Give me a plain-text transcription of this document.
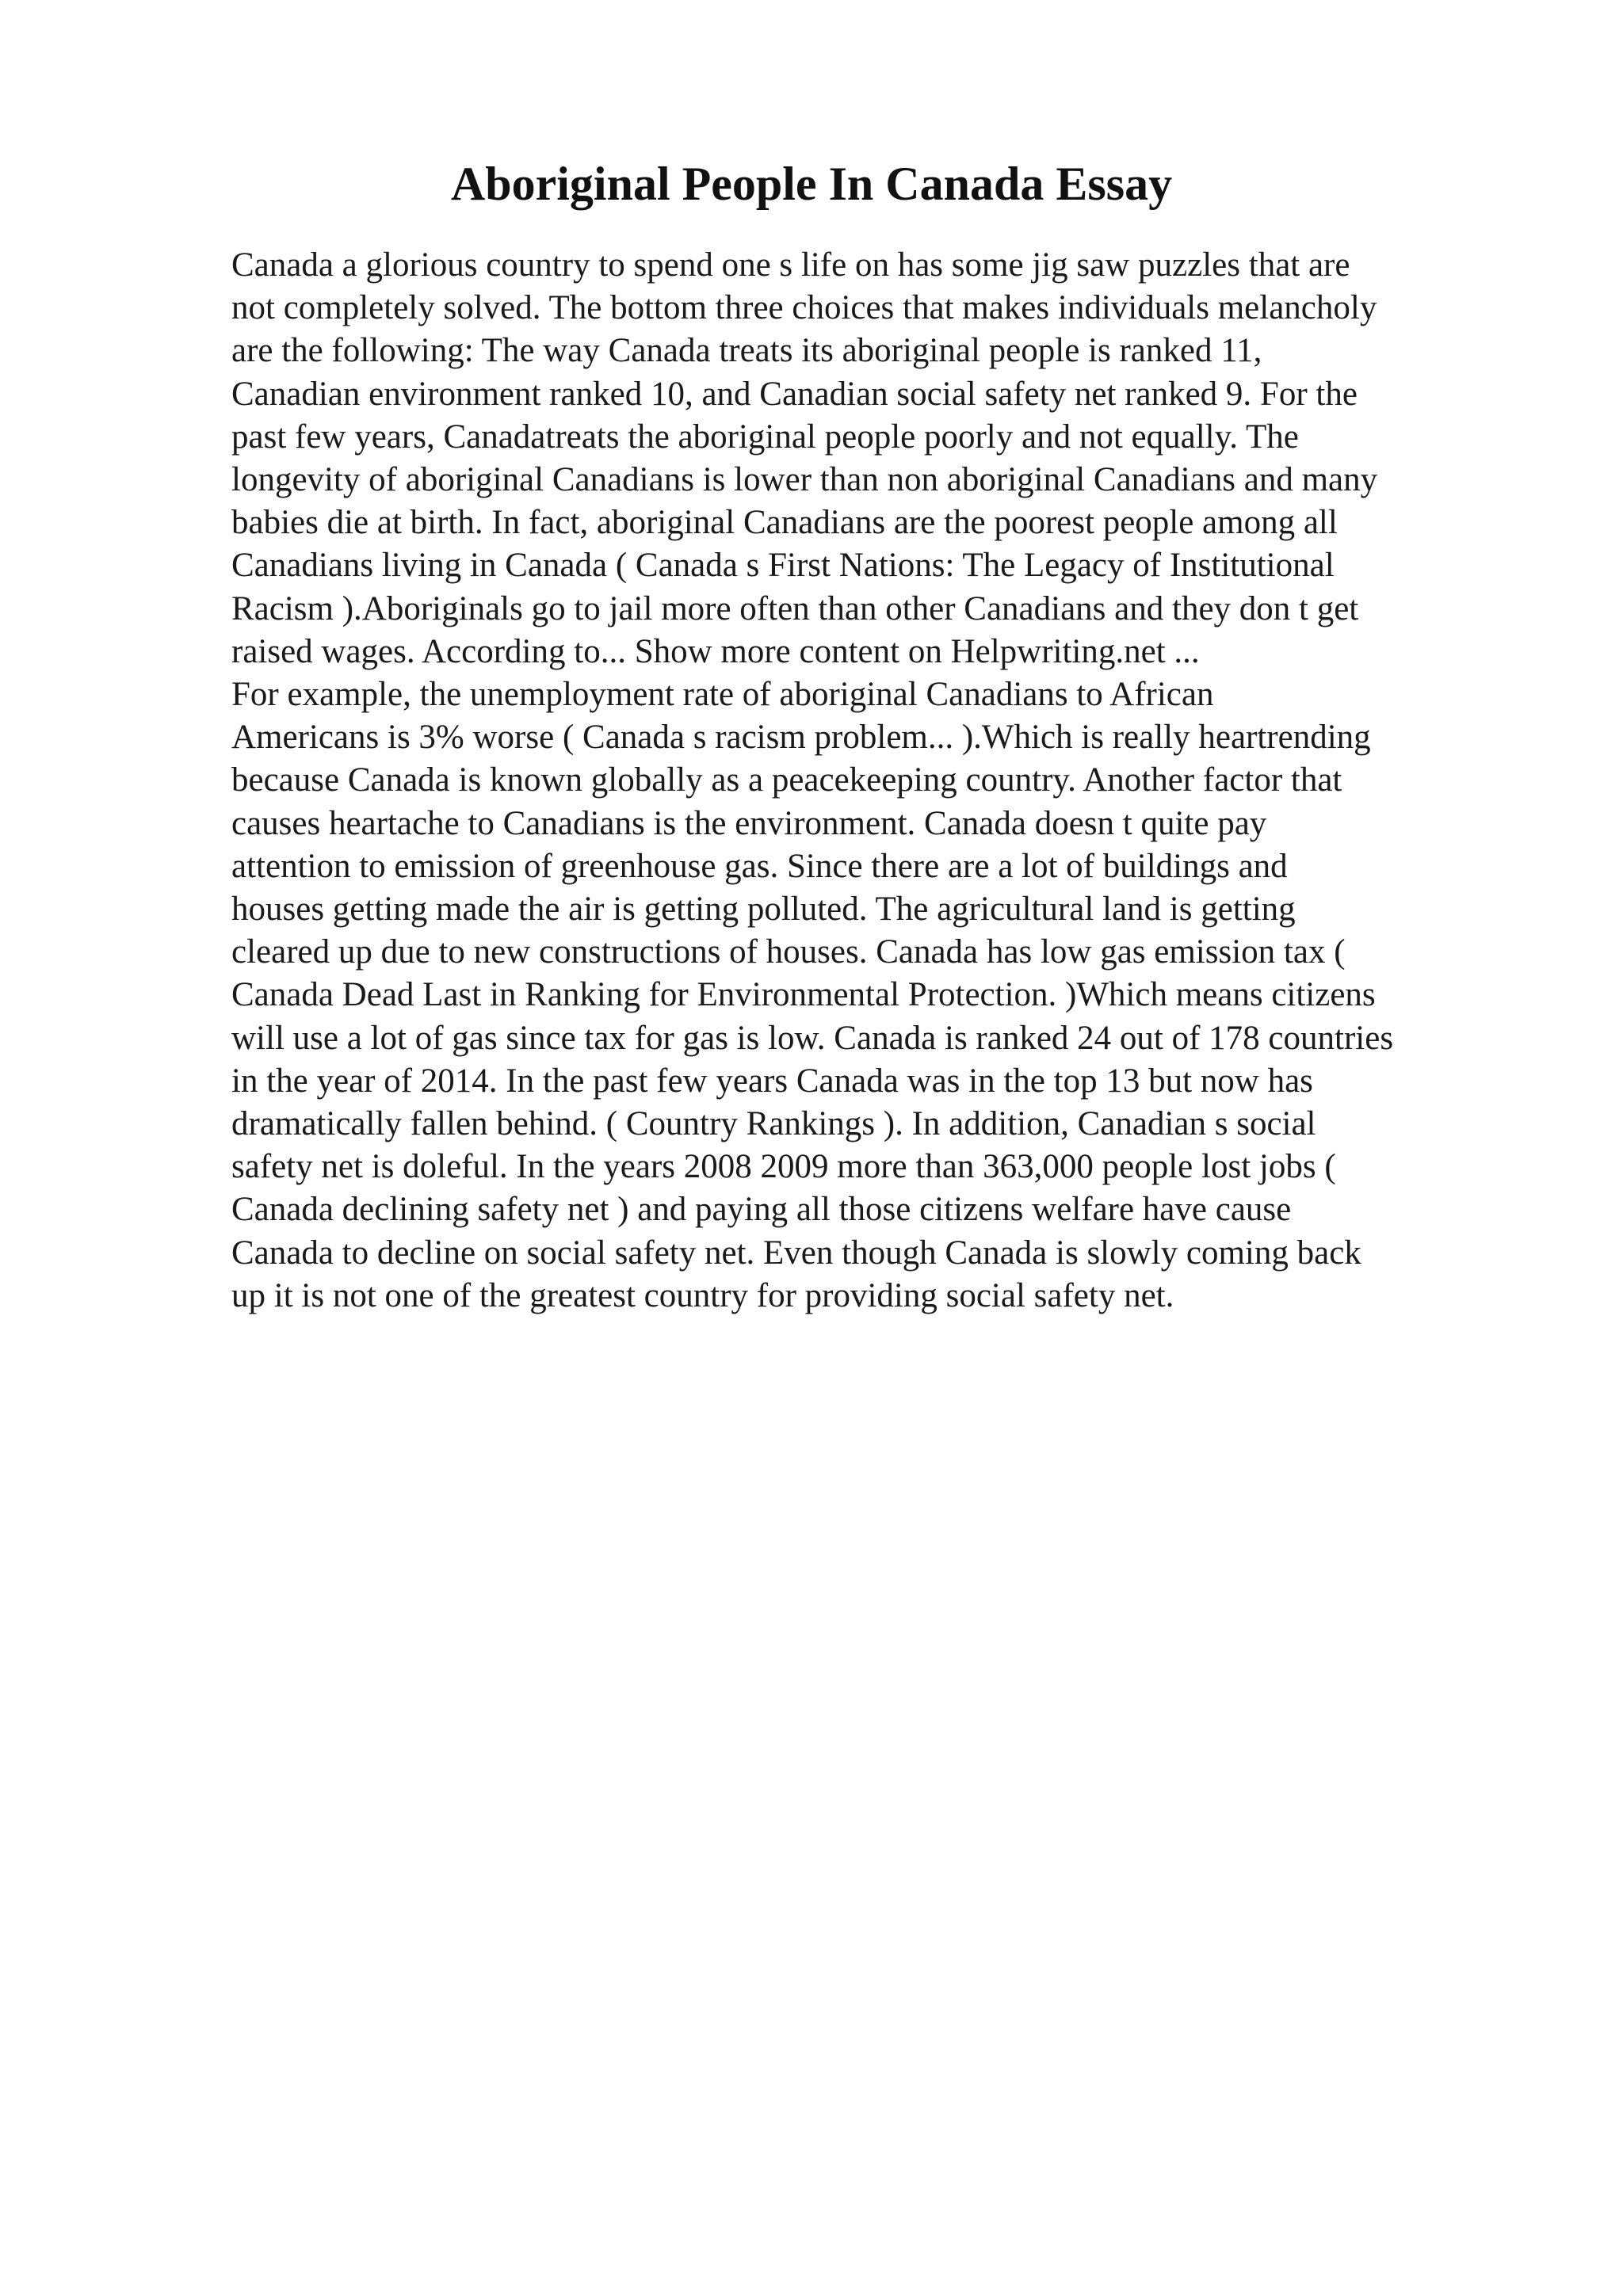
Aboriginal People In Canada Essay
Canada a glorious country to spend one s life on has some jig saw puzzles that are
not completely solved. The bottom three choices that makes individuals melancholy
are the following: The way Canada treats its aboriginal people is ranked 11,
Canadian environment ranked 10, and Canadian social safety net ranked 9. For the
past few years, Canadatreats the aboriginal people poorly and not equally. The
longevity of aboriginal Canadians is lower than non aboriginal Canadians and many
babies die at birth. In fact, aboriginal Canadians are the poorest people among all
Canadians living in Canada ( Canada s First Nations: The Legacy of Institutional
Racism ).Aboriginals go to jail more often than other Canadians and they don t get
raised wages. According to... Show more content on Helpwriting.net ...
For example, the unemployment rate of aboriginal Canadians to African
Americans is 3% worse ( Canada s racism problem... ).Which is really heartrending
because Canada is known globally as a peacekeeping country. Another factor that
causes heartache to Canadians is the environment. Canada doesn t quite pay
attention to emission of greenhouse gas. Since there are a lot of buildings and
houses getting made the air is getting polluted. The agricultural land is getting
cleared up due to new constructions of houses. Canada has low gas emission tax (
Canada Dead Last in Ranking for Environmental Protection. )Which means citizens
will use a lot of gas since tax for gas is low. Canada is ranked 24 out of 178 countries
in the year of 2014. In the past few years Canada was in the top 13 but now has
dramatically fallen behind. ( Country Rankings ). In addition, Canadian s social
safety net is doleful. In the years 2008 2009 more than 363,000 people lost jobs (
Canada declining safety net ) and paying all those citizens welfare have cause
Canada to decline on social safety net. Even though Canada is slowly coming back
up it is not one of the greatest country for providing social safety net.
